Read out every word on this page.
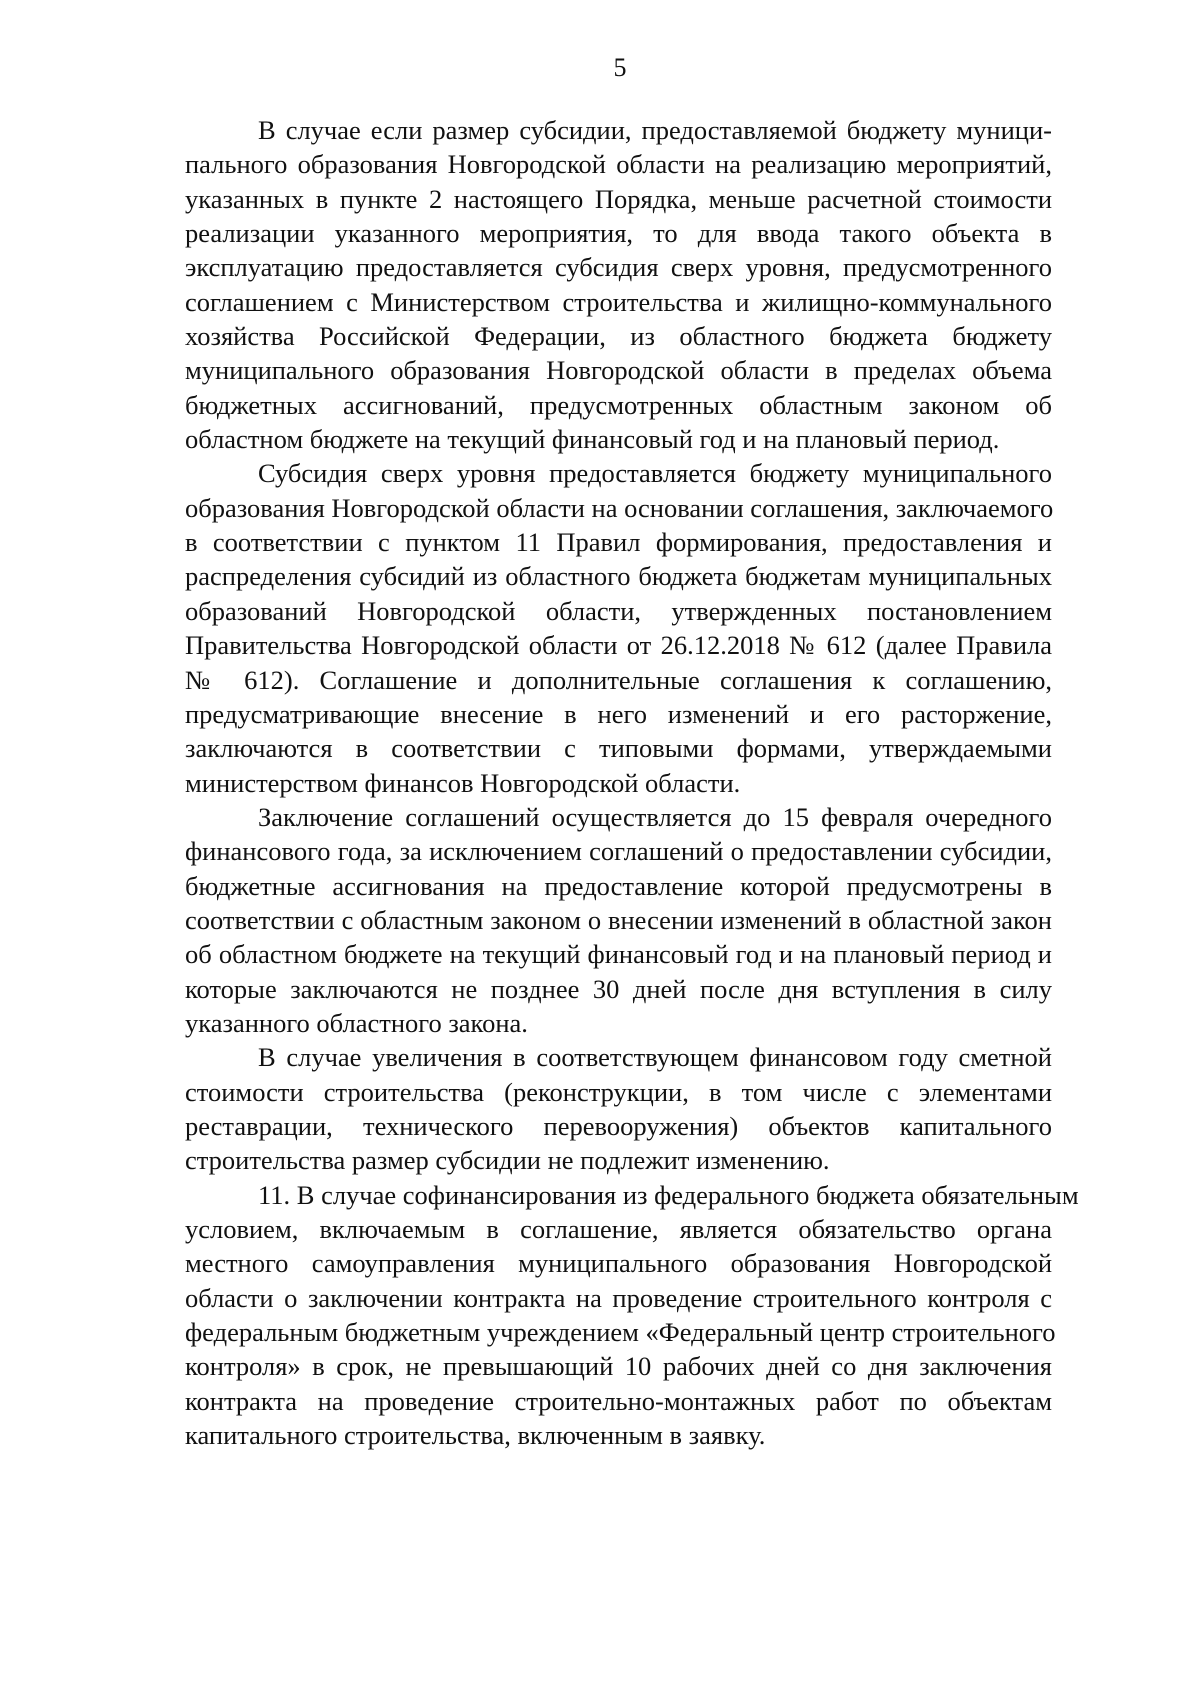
5
В случае если размер субсидии, предоставляемой бюджету муници-
пального образования Новгородской области на реализацию мероприятий,
указанных в пункте 2 настоящего Порядка, меньше расчетной стоимости
реализации указанного мероприятия, то для ввода такого объекта в
эксплуатацию предоставляется субсидия сверх уровня, предусмотренного
соглашением с Министерством строительства и жилищно-коммунального
хозяйства Российской Федерации, из областного бюджета бюджету
муниципального образования Новгородской области в пределах объема
бюджетных ассигнований, предусмотренных областным законом об
областном бюджете на текущий финансовый год и на плановый период.
Субсидия сверх уровня предоставляется бюджету муниципального
образования Новгородской области на основании соглашения, заключаемого
в соответствии с пунктом 11 Правил формирования, предоставления и
распределения субсидий из областного бюджета бюджетам муниципальных
образований Новгородской области, утвержденных постановлением
Правительства Новгородской области от 26.12.2018 № 612 (далее Правила
№ 612). Соглашение и дополнительные соглашения к соглашению,
предусматривающие внесение в него изменений и его расторжение,
заключаются в соответствии с типовыми формами, утверждаемыми
министерством финансов Новгородской области.
Заключение соглашений осуществляется до 15 февраля очередного
финансового года, за исключением соглашений о предоставлении субсидии,
бюджетные ассигнования на предоставление которой предусмотрены в
соответствии с областным законом о внесении изменений в областной закон
об областном бюджете на текущий финансовый год и на плановый период и
которые заключаются не позднее 30 дней после дня вступления в силу
указанного областного закона.
В случае увеличения в соответствующем финансовом году сметной
стоимости строительства (реконструкции, в том числе с элементами
реставрации, технического перевооружения) объектов капитального
строительства размер субсидии не подлежит изменению.
11. В случае софинансирования из федерального бюджета обязательным
условием, включаемым в соглашение, является обязательство органа
местного самоуправления муниципального образования Новгородской
области о заключении контракта на проведение строительного контроля с
федеральным бюджетным учреждением «Федеральный центр строительного
контроля» в срок, не превышающий 10 рабочих дней со дня заключения
контракта на проведение строительно-монтажных работ по объектам
капитального строительства, включенным в заявку.
